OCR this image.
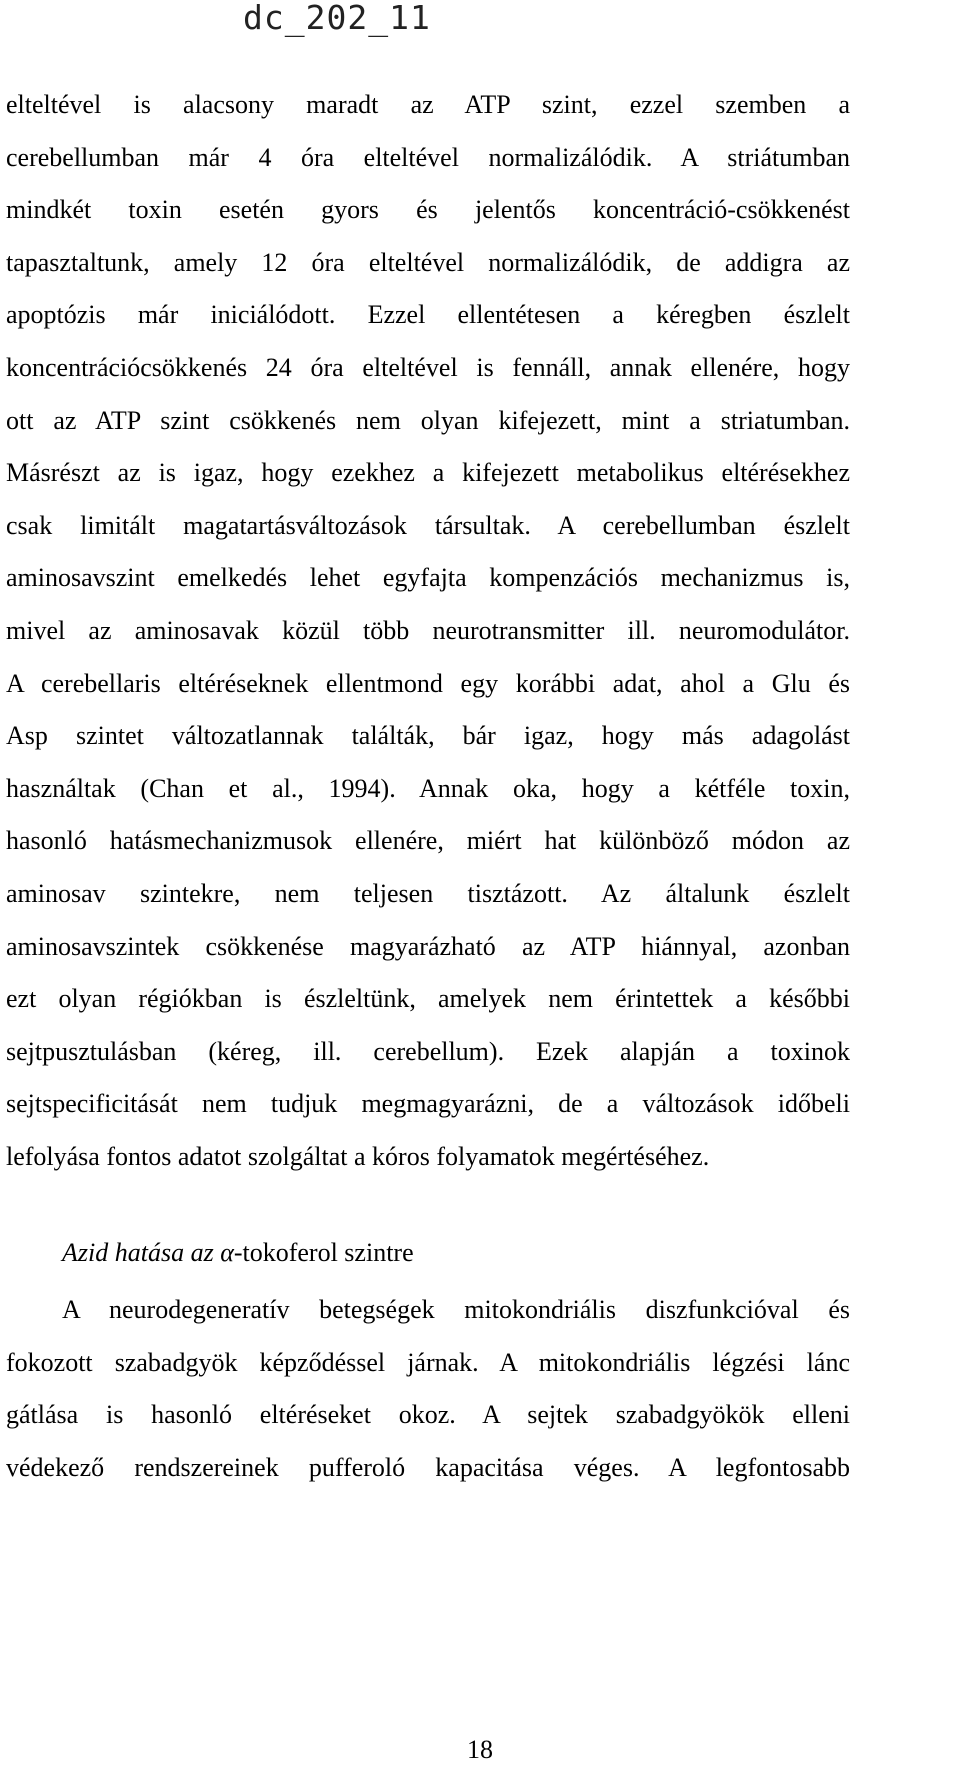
dc_202_11
elteltével is alacsony maradt az ATP szint, ezzel szemben a
cerebellumban már 4 óra elteltével normalizálódik. A striátumban
mindkét toxin esetén gyors és jelentős koncentráció-csökkenést
tapasztaltunk, amely 12 óra elteltével normalizálódik, de addigra az
apoptózis már iniciálódott. Ezzel ellentétesen a kéregben észlelt
koncentrációcsökkenés 24 óra elteltével is fennáll, annak ellenére, hogy
ott az ATP szint csökkenés nem olyan kifejezett, mint a striatumban.
Másrészt az is igaz, hogy ezekhez a kifejezett metabolikus eltérésekhez
csak limitált magatartásváltozások társultak. A cerebellumban észlelt
aminosavszint emelkedés lehet egyfajta kompenzációs mechanizmus is,
mivel az aminosavak közül több neurotransmitter ill. neuromodulátor.
A cerebellaris eltéréseknek ellentmond egy korábbi adat, ahol a Glu és
Asp szintet változatlannak találták, bár igaz, hogy más adagolást
használtak (Chan et al., 1994). Annak oka, hogy a kétféle toxin,
hasonló hatásmechanizmusok ellenére, miért hat különböző módon az
aminosav szintekre, nem teljesen tisztázott. Az általunk észlelt
aminosavszintek csökkenése magyarázható az ATP hiánnyal, azonban
ezt olyan régiókban is észleltünk, amelyek nem érintettek a későbbi
sejtpusztulásban (kéreg, ill. cerebellum). Ezek alapján a toxinok
sejtspecificitását nem tudjuk megmagyarázni, de a változások időbeli
lefolyása fontos adatot szolgáltat a kóros folyamatok megértéséhez.
Azid hatása az α-tokoferol szintre
A neurodegeneratív betegségek mitokondriális diszfunkcióval és
fokozott szabadgyök képződéssel járnak. A mitokondriális légzési lánc
gátlása is hasonló eltéréseket okoz. A sejtek szabadgyökök elleni
védekező rendszereinek pufferoló kapacitása véges. A legfontosabb
18
